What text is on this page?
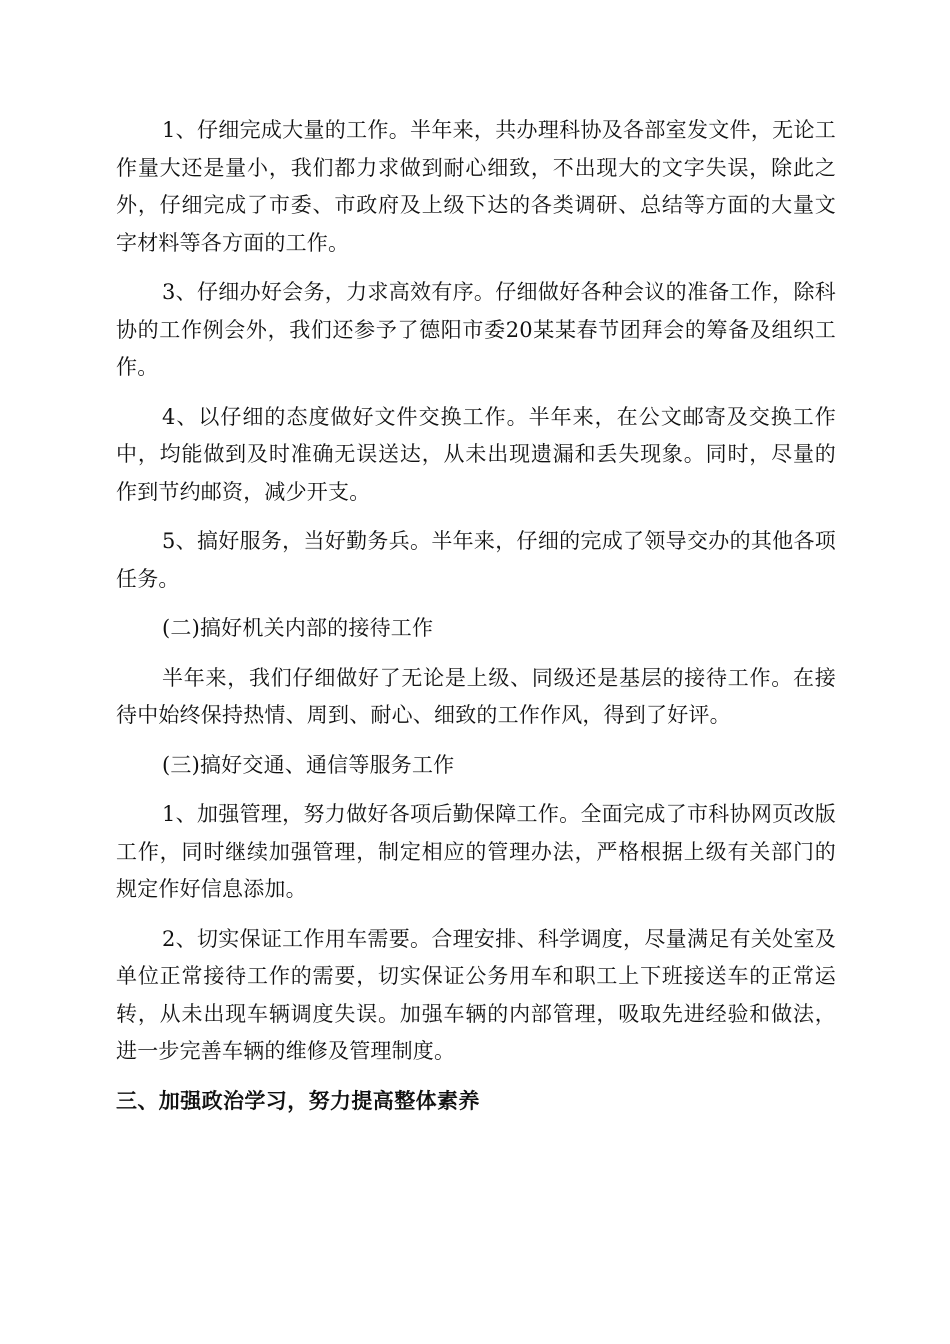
1、仔细完成大量的工作。半年来，共办理科协及各部室发文件，无论工作量大还是量小，我们都力求做到耐心细致，不出现大的文字失误，除此之外，仔细完成了市委、市政府及上级下达的各类调研、总结等方面的大量文字材料等各方面的工作。

3、仔细办好会务，力求高效有序。仔细做好各种会议的准备工作，除科协的工作例会外，我们还参予了德阳市委20某某春节团拜会的筹备及组织工作。

4、以仔细的态度做好文件交换工作。半年来，在公文邮寄及交换工作中，均能做到及时准确无误送达，从未出现遗漏和丢失现象。同时，尽量的作到节约邮资，减少开支。

5、搞好服务，当好勤务兵。半年来，仔细的完成了领导交办的其他各项任务。

(二)搞好机关内部的接待工作

半年来，我们仔细做好了无论是上级、同级还是基层的接待工作。在接待中始终保持热情、周到、耐心、细致的工作作风，得到了好评。

(三)搞好交通、通信等服务工作

1、加强管理，努力做好各项后勤保障工作。全面完成了市科协网页改版工作，同时继续加强管理，制定相应的管理办法，严格根据上级有关部门的规定作好信息添加。

2、切实保证工作用车需要。合理安排、科学调度，尽量满足有关处室及单位正常接待工作的需要，切实保证公务用车和职工上下班接送车的正常运转，从未出现车辆调度失误。加强车辆的内部管理，吸取先进经验和做法，进一步完善车辆的维修及管理制度。

三、加强政治学习，努力提高整体素养
